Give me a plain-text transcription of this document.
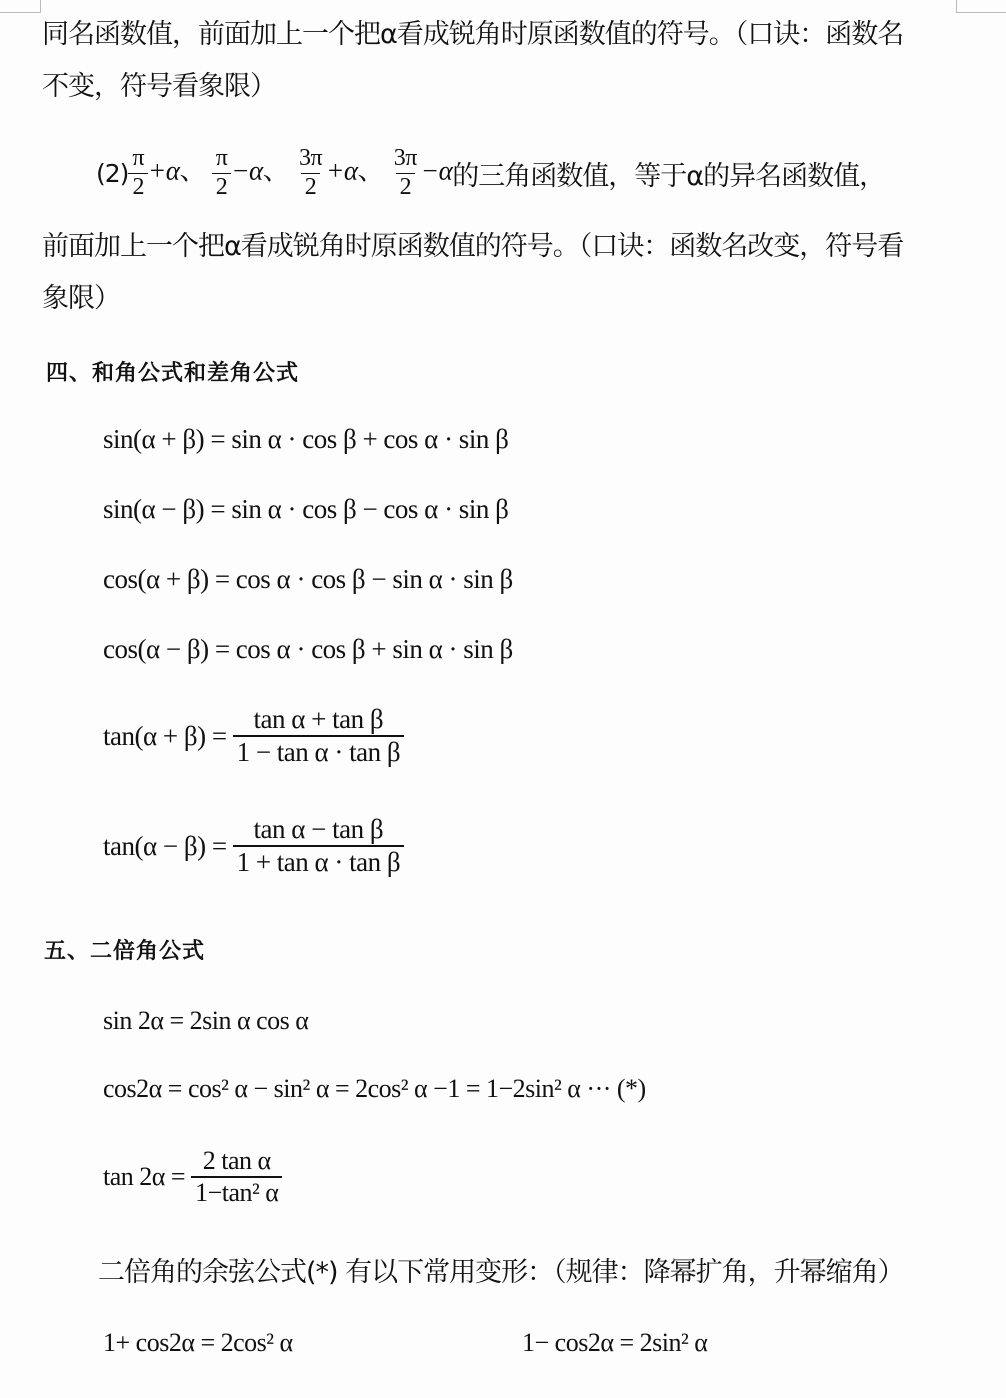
同名函数值，前面加上一个把α看成锐角时原函数值的符号。（口诀：函数名
不变，符号看象限）
$(2) \frac{\pi}{2} +\alpha$、 $\frac{\pi}{2} -\alpha$、 $\frac{3\pi}{2} +\alpha$、 $\frac{3\pi}{2} -\alpha$ 的三角函数值，等于α的异名函数值，
前面加上一个把α看成锐角时原函数值的符号。（口诀：函数名改变，符号看
象限）
四、和角公式和差角公式
sin(α + β) = sin α · cos β + cos α · sin β
sin(α − β) = sin α · cos β − cos α · sin β
cos(α + β) = cos α · cos β − sin α · sin β
cos(α − β) = cos α · cos β + sin α · sin β
$\tan(\alpha + \beta) = \frac{\text{tan α + tan β}}{\text{1 − tan α · tan β}}$
$\tan(\alpha - \beta) = \frac{\text{tan α − tan β}}{\text{1 + tan α · tan β}}$
五、二倍角公式
sin 2α = 2sin α cos α
cos2α = cos² α − sin² α = 2cos² α −1 = 1−2sin² α ··· (*)
$\tan 2\alpha = \frac{\text{2 tan α}}{\text{1−tan² α}}$
二倍角的余弦公式(*) 有以下常用变形：（规律：降幂扩角，升幂缩角）
1+ cos2α = 2cos² α	1− cos2α = 2sin² α
